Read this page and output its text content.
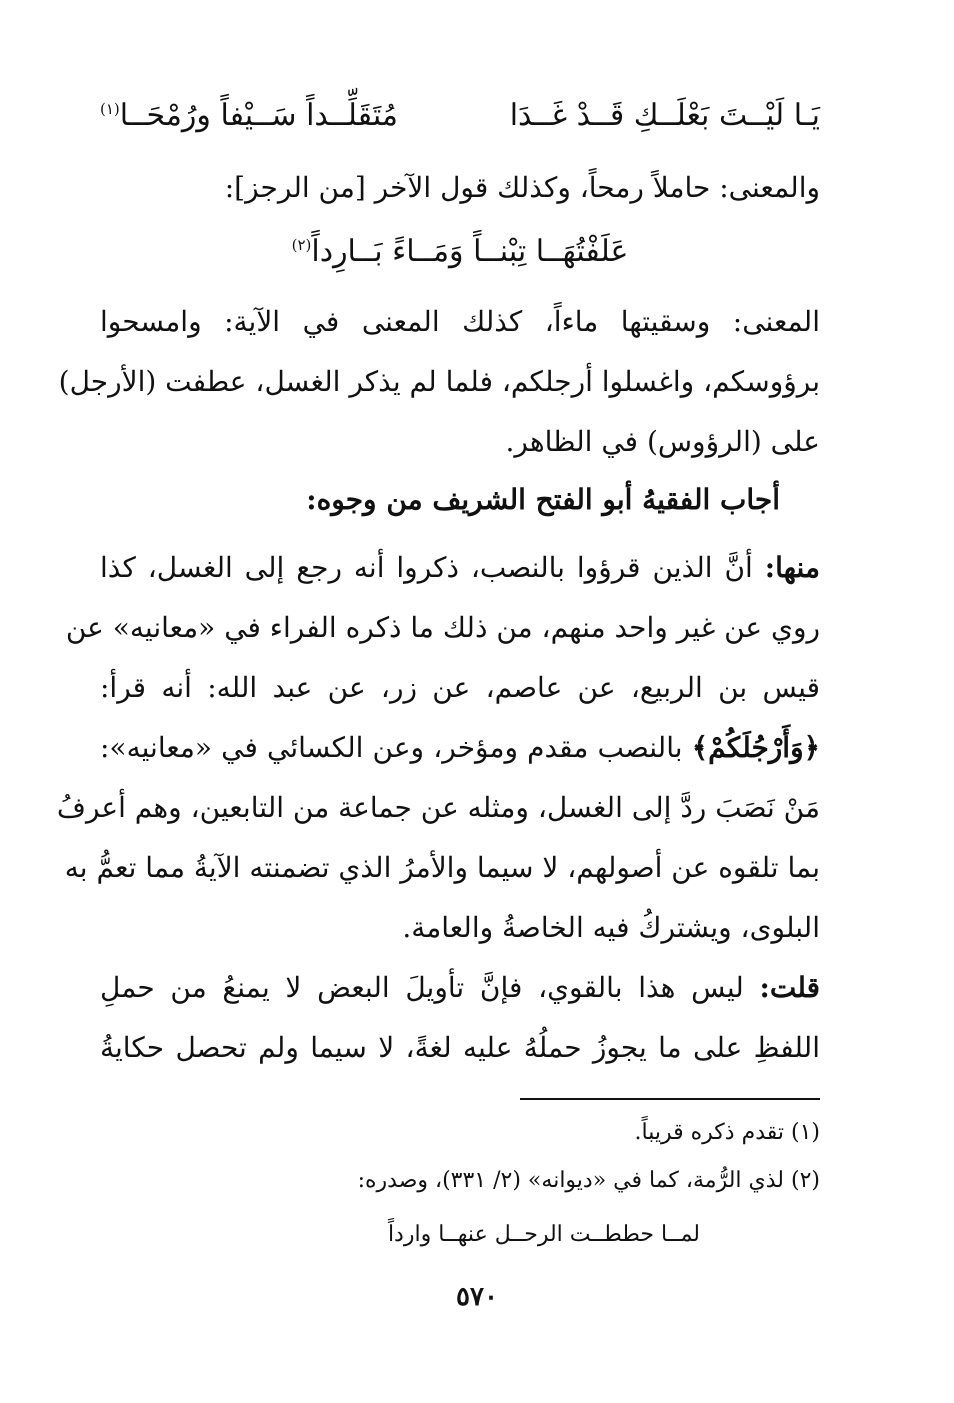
يَـا لَيْــتَ بَعْلَــكِ قَــدْ غَــدَا
مُتَقَلِّــداً سَــيْفاً ورُمْحَــا$^{(١)}$
والمعنى: حاملاً رمحاً، وكذلك قول الآخر [من الرجز]:
عَلَفْتُهَــا تِبْنــاً وَمَــاءً بَــارِداً$^{(٢)}$
المعنى: وسقيتها ماءاً، كذلك المعنى في الآية: وامسحوا
برؤوسكم، واغسلوا أرجلكم، فلما لم يذكر الغسل، عطفت (الأرجل)
على (الرؤوس) في الظاهر.
أجاب الفقيهُ أبو الفتح الشريف من وجوه:
منها: أنَّ الذين قرؤوا بالنصب، ذكروا أنه رجع إلى الغسل، كذا
روي عن غير واحد منهم، من ذلك ما ذكره الفراء في «معانيه» عن
قيس بن الربيع، عن عاصم، عن زر، عن عبد الله: أنه قرأ:
﴿وَأَرْجُلَكُمْ﴾ بالنصب مقدم ومؤخر، وعن الكسائي في «معانيه»:
مَنْ نَصَبَ ردَّ إلى الغسل، ومثله عن جماعة من التابعين، وهم أعرفُ
بما تلقوه عن أصولهم، لا سيما والأمرُ الذي تضمنته الآيةُ مما تعمُّ به
البلوى، ويشتركُ فيه الخاصةُ والعامة.
قلت: ليس هذا بالقوي، فإنَّ تأويلَ البعض لا يمنعُ من حملِ
اللفظِ على ما يجوزُ حملُهُ عليه لغةً، لا سيما ولم تحصل حكايةُ
(١) تقدم ذكره قريباً.
(٢) لذي الرُّمة، كما في «ديوانه» (٢/ ٣٣١)، وصدره:
لمــا حططــت الرحــل عنهــا وارداً
٥٧٠
